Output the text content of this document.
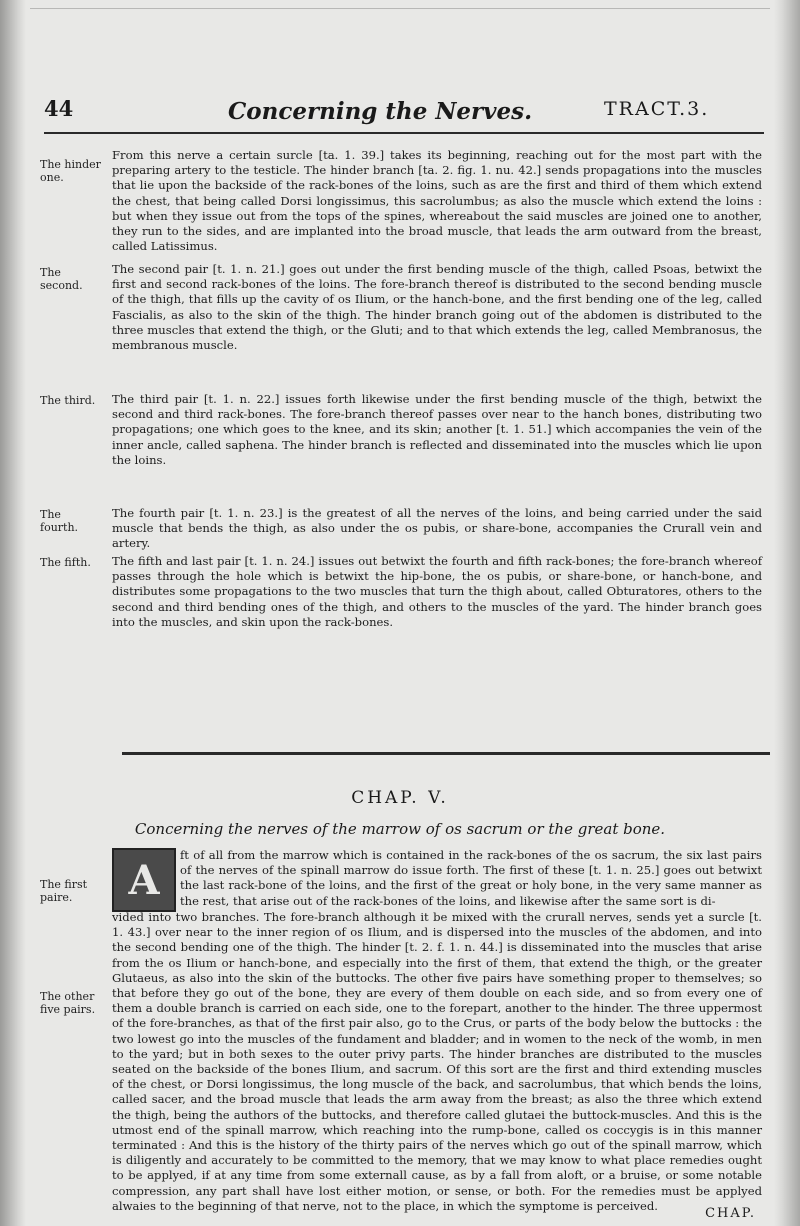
44	Concerning the Nerves.	TRACT.3.
The hinder one.
The second.
The third.
The fourth.
The fifth.
The first paire.
The other five pairs.

From this nerve a certain surcle [ta. 1. 39.] takes its beginning, reaching out for the most part with the preparing artery to the testicle. The hinder branch [ta. 2. fig. 1. nu. 42.] sends propagations into the muscles that lie upon the backside of the rack-bones of the loins, such as are the first and third of them which extend the chest, that being called Dorsi longissimus, this sacrolumbus; as also the muscle which extend the loins : but when they issue out from the tops of the spines, whereabout the said muscles are joined one to another, they run to the sides, and are implanted into the broad muscle, that leads the arm outward from the breast, called Latissimus.

The second pair [t. 1. n. 21.] goes out under the first bending muscle of the thigh, called Psoas, betwixt the first and second rack-bones of the loins. The fore-branch thereof is distributed to the second bending muscle of the thigh, that fills up the cavity of os Ilium, or the hanch-bone, and the first bending one of the leg, called Fascialis, as also to the skin of the thigh. The hinder branch going out of the abdomen is distributed to the three muscles that extend the thigh, or the Gluti; and to that which extends the leg, called Membranosus, the membranous muscle.

The third pair [t. 1. n. 22.] issues forth likewise under the first bending muscle of the thigh, betwixt the second and third rack-bones. The fore-branch thereof passes over near to the hanch bones, distributing two propagations; one which goes to the knee, and its skin; another [t. 1. 51.] which accompanies the vein of the inner ancle, called saphena. The hinder branch is reflected and disseminated into the muscles which lie upon the loins.

The fourth pair [t. 1. n. 23.] is the greatest of all the nerves of the loins, and being carried under the said muscle that bends the thigh, as also under the os pubis, or share-bone, accompanies the Crurall vein and artery.

The fifth and last pair [t. 1. n. 24.] issues out betwixt the fourth and fifth rack-bones; the fore-branch whereof passes through the hole which is betwixt the hip-bone, the os pubis, or share-bone, or hanch-bone, and distributes some propagations to the two muscles that turn the thigh about, called Obturatores, others to the second and third bending ones of the thigh, and others to the muscles of the yard. The hinder branch goes into the muscles, and skin upon the rack-bones.

CHAP. V.
Concerning the nerves of the marrow of os sacrum or the great bone.
A

ft of all from the marrow which is contained in the rack-bones of the os sacrum, the six last pairs of the nerves of the spinall marrow do issue forth. The first of these [t. 1. n. 25.] goes out betwixt the last rack-bone of the loins, and the first of the great or holy bone, in the very same manner as the rest, that arise out of the rack-bones of the loins, and likewise after the same sort is di-

vided into two branches. The fore-branch although it be mixed with the crurall nerves, sends yet a surcle [t. 1. 43.] over near to the inner region of os Ilium, and is dispersed into the muscles of the abdomen, and into the second bending one of the thigh. The hinder [t. 2. f. 1. n. 44.] is disseminated into the muscles that arise from the os Ilium or hanch-bone, and especially into the first of them, that extend the thigh, or the greater Glutaeus, as also into the skin of the buttocks. The other five pairs have something proper to themselves; so that before they go out of the bone, they are every of them double on each side, and so from every one of them a double branch is carried on each side, one to the forepart, another to the hinder. The three uppermost of the fore-branches, as that of the first pair also, go to the Crus, or parts of the body below the buttocks : the two lowest go into the muscles of the fundament and bladder; and in women to the neck of the womb, in men to the yard; but in both sexes to the outer privy parts. The hinder branches are distributed to the muscles seated on the backside of the bones Ilium, and sacrum. Of this sort are the first and third extending muscles of the chest, or Dorsi longissimus, the long muscle of the back, and sacrolumbus, that which bends the loins, called sacer, and the broad muscle that leads the arm away from the breast; as also the three which extend the thigh, being the authors of the buttocks, and therefore called glutaei the buttock-muscles. And this is the utmost end of the spinall marrow, which reaching into the rump-bone, called os coccygis is in this manner terminated : And this is the history of the thirty pairs of the nerves which go out of the spinall marrow, which is diligently and accurately to be committed to the memory, that we may know to what place remedies ought to be applyed, if at any time from some externall cause, as by a fall from aloft, or a bruise, or some notable compression, any part shall have lost either motion, or sense, or both. For the remedies must be applyed alwaies to the beginning of that nerve, not to the place, in which the symptome is perceived.

CHAP.
